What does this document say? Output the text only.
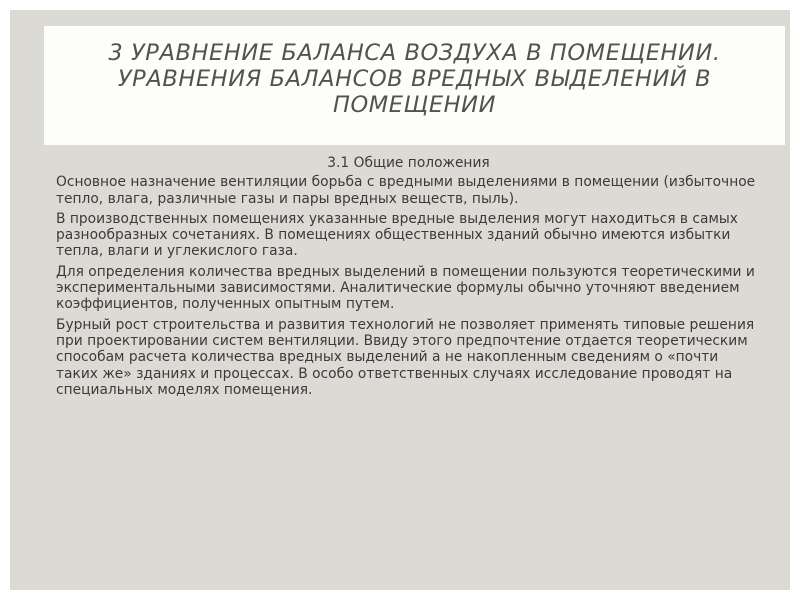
3 УРАВНЕНИЕ БАЛАНСА ВОЗДУХА В ПОМЕЩЕНИИ. УРАВНЕНИЯ БАЛАНСОВ ВРЕДНЫХ ВЫДЕЛЕНИЙ В ПОМЕЩЕНИИ
3.1 Общие положения

Основное назначение вентиляции борьба с вредными выделениями в помещении (избыточное тепло, влага, различные газы и пары вредных веществ, пыль).

В производственных помещениях указанные вредные выделения могут находиться в самых разнообразных сочетаниях. В помещениях общественных зданий обычно имеются избытки тепла, влаги и углекислого газа.

Для определения количества вредных выделений в помещении пользуются теоретическими и экспериментальными зависимостями. Аналитические формулы обычно уточняют введением коэффициентов, полученных опытным путем.

Бурный рост строительства и развития технологий не позволяет применять типовые решения при проектировании систем вентиляции. Ввиду этого предпочтение отдается теоретическим способам расчета количества вредных выделений а не накопленным сведениям о «почти таких же» зданиях и процессах. В особо ответственных случаях исследование проводят на специальных моделях помещения.
